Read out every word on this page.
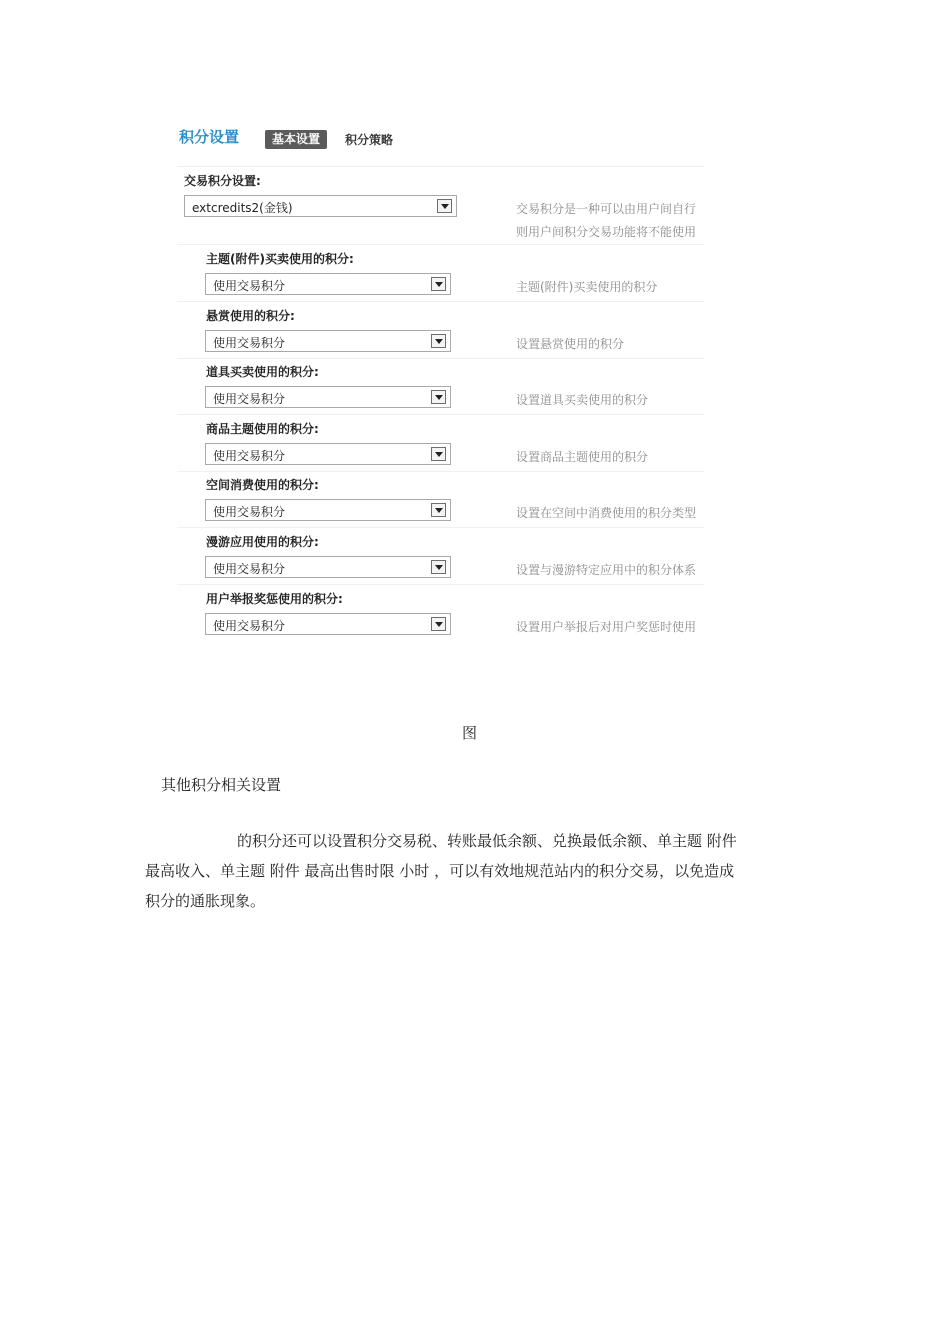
积分设置	基本设置	积分策略
交易积分设置:
extcredits2(金钱)	交易积分是一种可以由用户间自行
则用户间积分交易功能将不能使用
主题(附件)买卖使用的积分:
使用交易积分	主题(附件)买卖使用的积分
悬赏使用的积分:
使用交易积分	设置悬赏使用的积分
道具买卖使用的积分:
使用交易积分	设置道具买卖使用的积分
商品主题使用的积分:
使用交易积分	设置商品主题使用的积分
空间消费使用的积分:
使用交易积分	设置在空间中消费使用的积分类型
漫游应用使用的积分:
使用交易积分	设置与漫游特定应用中的积分体系
用户举报奖惩使用的积分:
使用交易积分	设置用户举报后对用户奖惩时使用
图
其他积分相关设置
的积分还可以设置积分交易税、转账最低余额、兑换最低余额、单主题 附件
最高收入、单主题 附件 最高出售时限 小时 ，可以有效地规范站内的积分交易，以免造成
积分的通胀现象。
